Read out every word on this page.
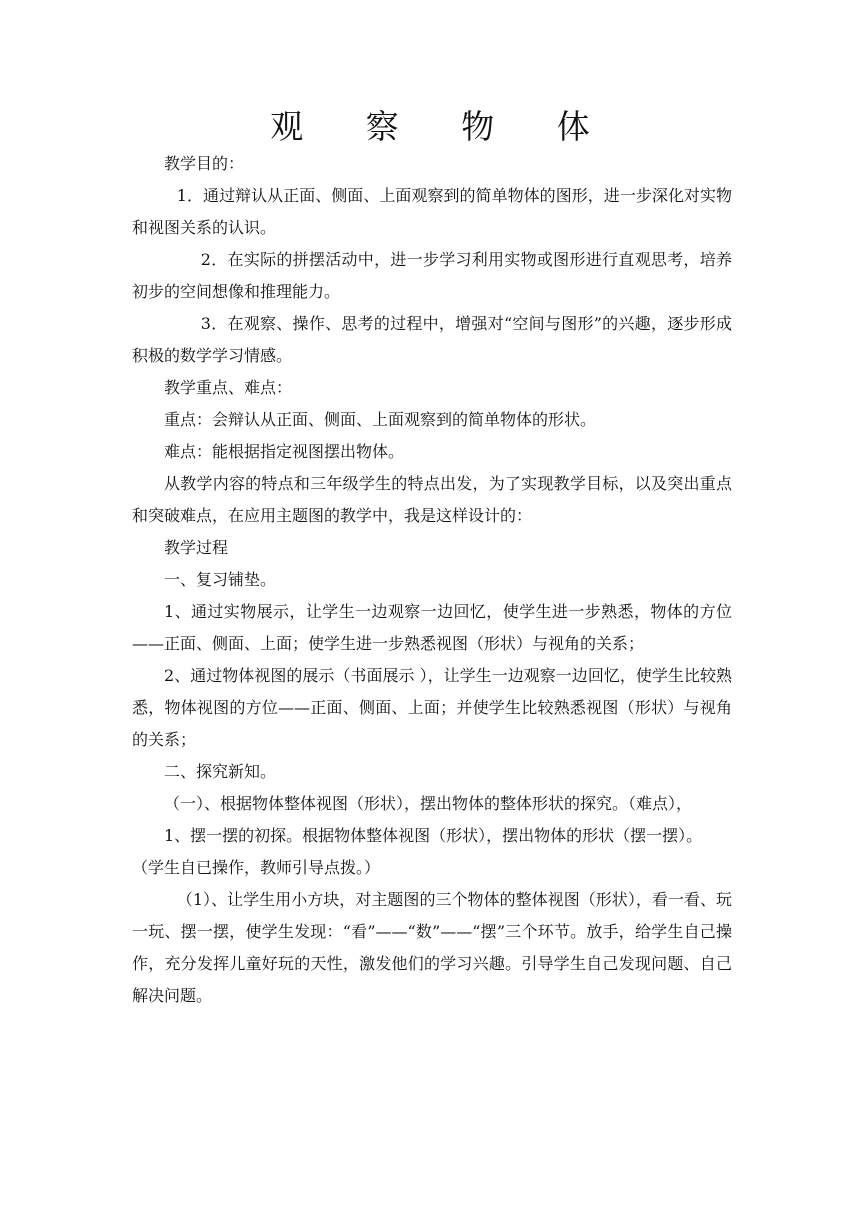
观 察 物 体

教学目的：

1．通过辩认从正面、侧面、上面观察到的简单物体的图形，进一步深化对实物和视图关系的认识。

2．在实际的拼摆活动中，进一步学习利用实物或图形进行直观思考，培养初步的空间想像和推理能力。

3．在观察、操作、思考的过程中，增强对“空间与图形”的兴趣，逐步形成积极的数学学习情感。

教学重点、难点：

重点：会辩认从正面、侧面、上面观察到的简单物体的形状。

难点：能根据指定视图摆出物体。

从教学内容的特点和三年级学生的特点出发，为了实现教学目标，以及突出重点和突破难点，在应用主题图的教学中，我是这样设计的：

教学过程

一、复习铺垫。

1、通过实物展示，让学生一边观察一边回忆，使学生进一步熟悉，物体的方位——正面、侧面、上面；使学生进一步熟悉视图（形状）与视角的关系；

2、通过物体视图的展示（书面展示 ），让学生一边观察一边回忆，使学生比较熟悉，物体视图的方位——正面、侧面、上面；并使学生比较熟悉视图（形状）与视角的关系；

二、探究新知。

（一）、根据物体整体视图（形状），摆出物体的整体形状的探究。（难点），

1、摆一摆的初探。根据物体整体视图（形状），摆出物体的形状（摆一摆）。

（学生自已操作，教师引导点拨。）

（1）、让学生用小方块，对主题图的三个物体的整体视图（形状），看一看、玩一玩、摆一摆，使学生发现：“看”——“数”——“摆”三个环节。放手，给学生自己操作，充分发挥儿童好玩的天性，激发他们的学习兴趣。引导学生自己发现问题、自己解决问题。
